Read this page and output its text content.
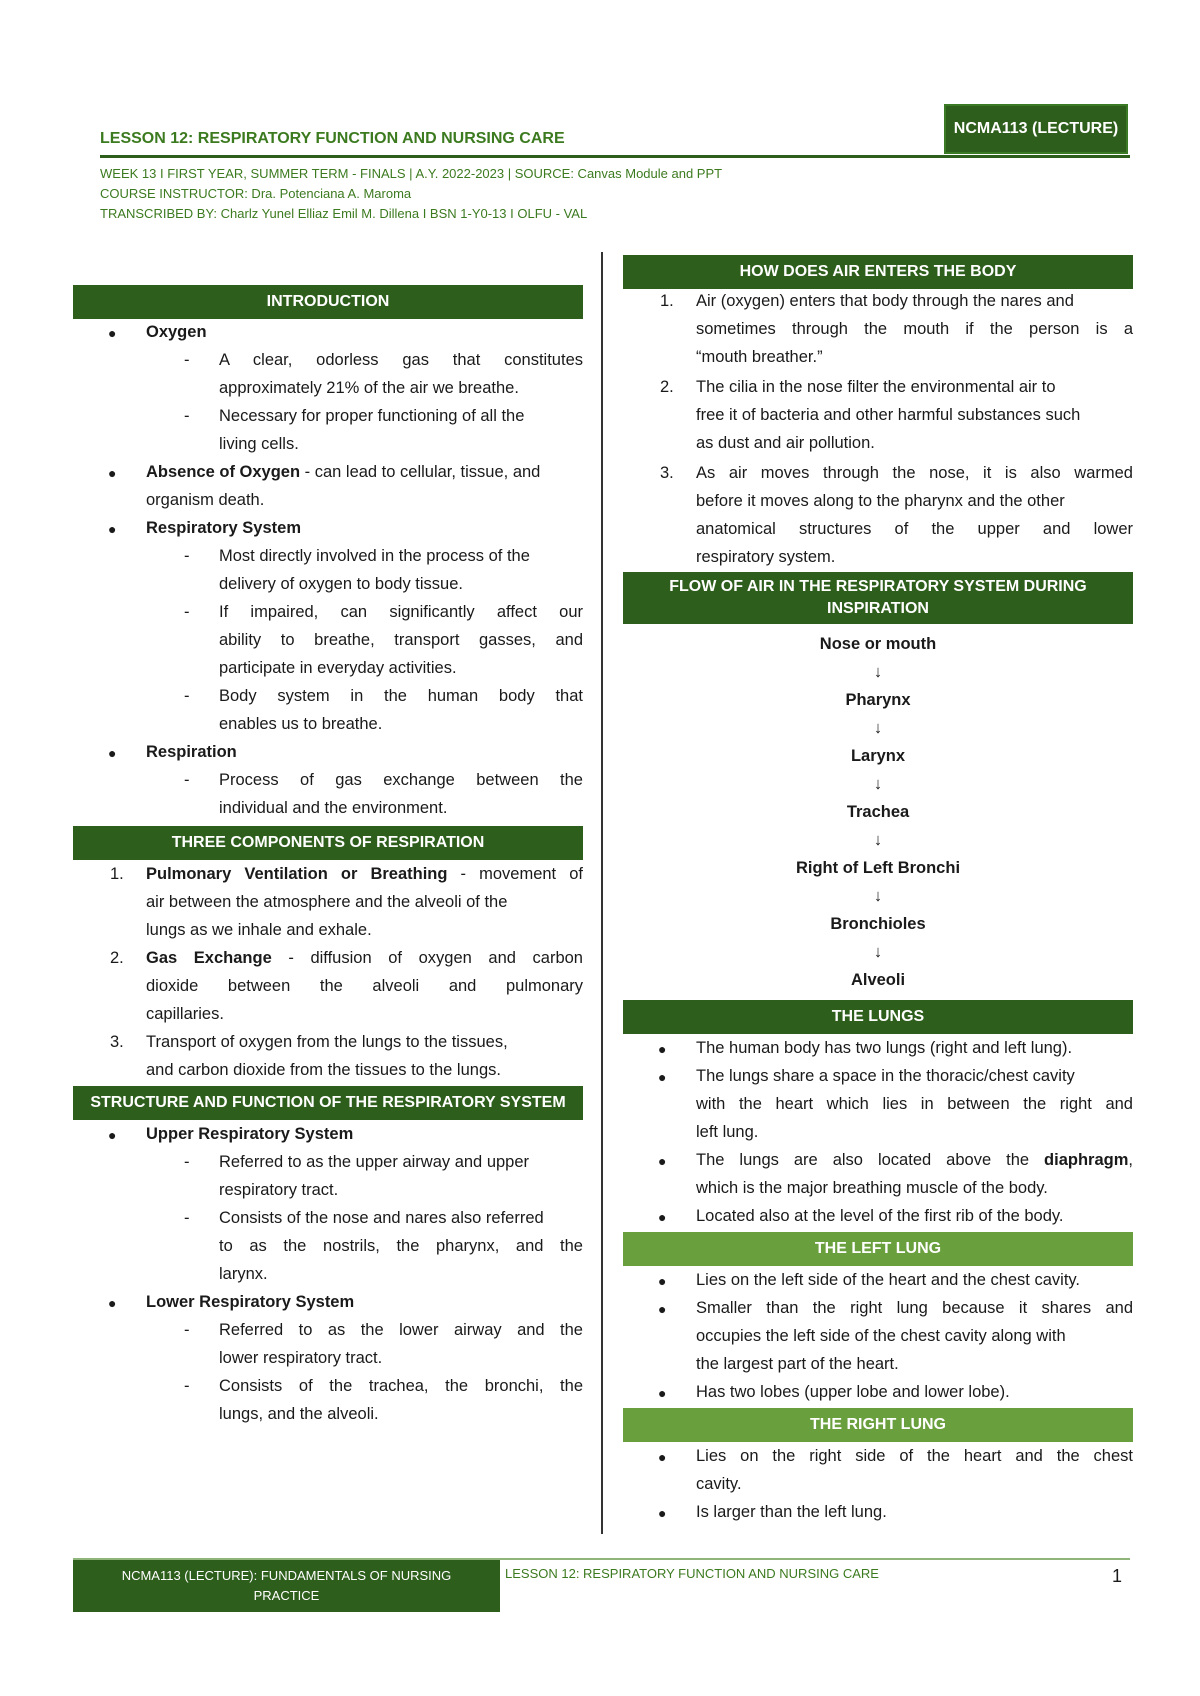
NCMA113 (LECTURE)
LESSON 12: RESPIRATORY FUNCTION AND NURSING CARE
WEEK 13 I FIRST YEAR, SUMMER TERM - FINALS | A.Y. 2022-2023 | SOURCE: Canvas Module and PPT
COURSE INSTRUCTOR: Dra. Potenciana A. Maroma
TRANSCRIBED BY: Charlz Yunel Elliaz Emil M. Dillena I BSN 1-Y0-13 I OLFU - VAL
INTRODUCTION
● Oxygen
- A clear, odorless gas that constitutes
approximately 21% of the air we breathe.
- Necessary for proper functioning of all the
living cells.
● Absence of Oxygen - can lead to cellular, tissue, and
organism death.
● Respiratory System
- Most directly involved in the process of the
delivery of oxygen to body tissue.
- If impaired, can significantly affect our
ability to breathe, transport gasses, and
participate in everyday activities.
- Body system in the human body that
enables us to breathe.
● Respiration
- Process of gas exchange between the
individual and the environment.
THREE COMPONENTS OF RESPIRATION
1. Pulmonary Ventilation or Breathing - movement of
air between the atmosphere and the alveoli of the
lungs as we inhale and exhale.
2. Gas Exchange - diffusion of oxygen and carbon
dioxide between the alveoli and pulmonary
capillaries.
3. Transport of oxygen from the lungs to the tissues,
and carbon dioxide from the tissues to the lungs.
STRUCTURE AND FUNCTION OF THE RESPIRATORY SYSTEM
● Upper Respiratory System
- Referred to as the upper airway and upper
respiratory tract.
- Consists of the nose and nares also referred
to as the nostrils, the pharynx, and the
larynx.
● Lower Respiratory System
- Referred to as the lower airway and the
lower respiratory tract.
- Consists of the trachea, the bronchi, the
lungs, and the alveoli.
HOW DOES AIR ENTERS THE BODY
1. Air (oxygen) enters that body through the nares and
sometimes through the mouth if the person is a
“mouth breather.”
2. The cilia in the nose filter the environmental air to
free it of bacteria and other harmful substances such
as dust and air pollution.
3. As air moves through the nose, it is also warmed
before it moves along to the pharynx and the other
anatomical structures of the upper and lower
respiratory system.
FLOW OF AIR IN THE RESPIRATORY SYSTEM DURING
INSPIRATION
Nose or mouth
↓
Pharynx
↓
Larynx
↓
Trachea
↓
Right of Left Bronchi
↓
Bronchioles
↓
Alveoli
THE LUNGS
● The human body has two lungs (right and left lung).
● The lungs share a space in the thoracic/chest cavity
with the heart which lies in between the right and
left lung.
● The lungs are also located above the diaphragm,
which is the major breathing muscle of the body.
● Located also at the level of the first rib of the body.
THE LEFT LUNG
● Lies on the left side of the heart and the chest cavity.
● Smaller than the right lung because it shares and
occupies the left side of the chest cavity along with
the largest part of the heart.
● Has two lobes (upper lobe and lower lobe).
THE RIGHT LUNG
● Lies on the right side of the heart and the chest
cavity.
● Is larger than the left lung.
NCMA113 (LECTURE): FUNDAMENTALS OF NURSING PRACTICE
LESSON 12: RESPIRATORY FUNCTION AND NURSING CARE	1
